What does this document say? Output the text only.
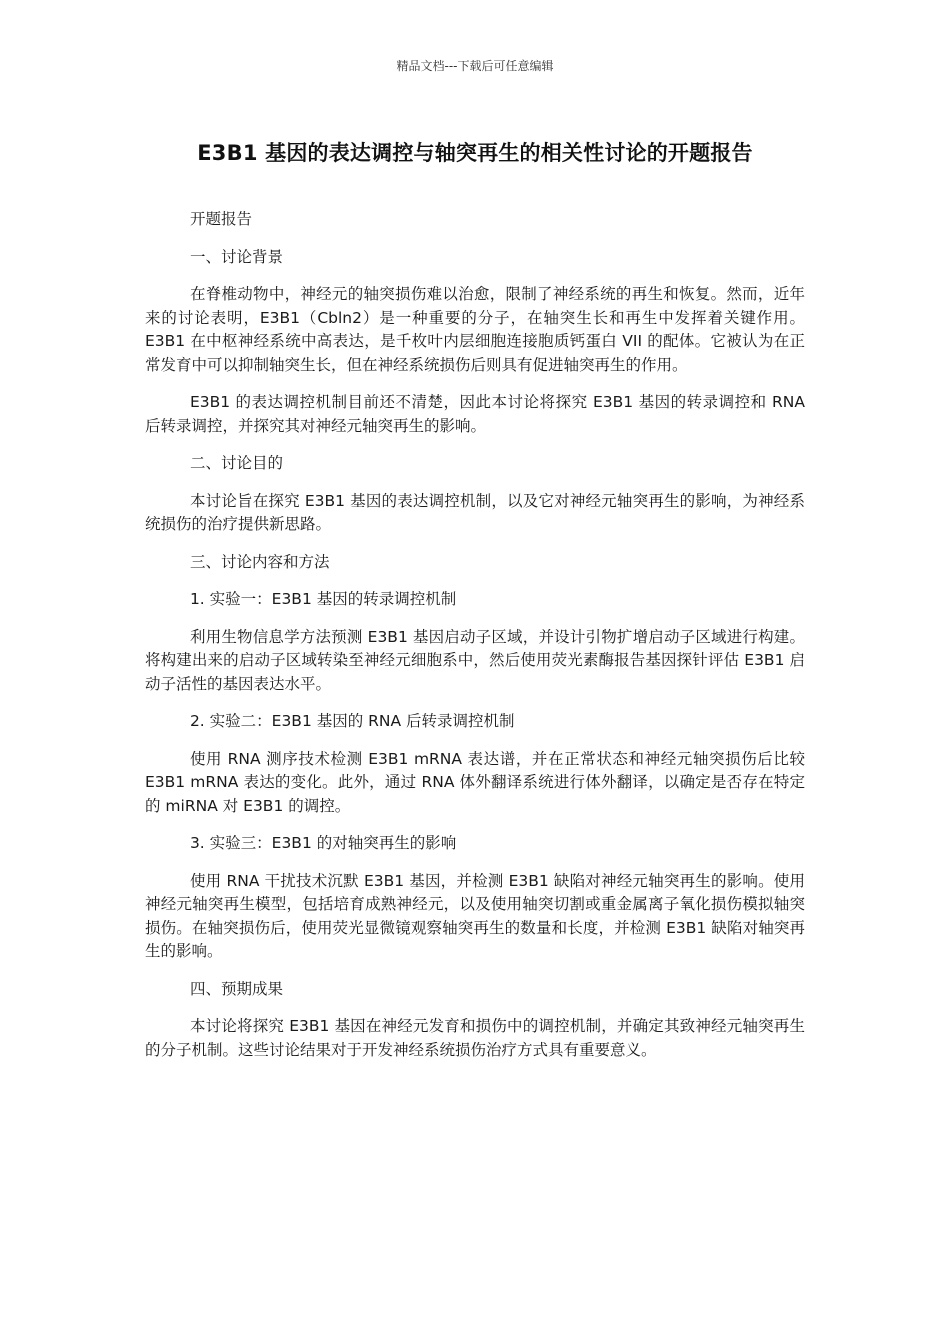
精品文档---下载后可任意编辑
E3B1 基因的表达调控与轴突再生的相关性讨论的开题报告

开题报告

一、讨论背景

在脊椎动物中，神经元的轴突损伤难以治愈，限制了神经系统的再生和恢复。然而，近年来的讨论表明，E3B1（Cbln2）是一种重要的分子，在轴突生长和再生中发挥着关键作用。E3B1 在中枢神经系统中高表达，是千枚叶内层细胞连接胞质钙蛋白 VII 的配体。它被认为在正常发育中可以抑制轴突生长，但在神经系统损伤后则具有促进轴突再生的作用。

E3B1 的表达调控机制目前还不清楚，因此本讨论将探究 E3B1 基因的转录调控和 RNA 后转录调控，并探究其对神经元轴突再生的影响。

二、讨论目的

本讨论旨在探究 E3B1 基因的表达调控机制，以及它对神经元轴突再生的影响，为神经系统损伤的治疗提供新思路。

三、讨论内容和方法

1. 实验一：E3B1 基因的转录调控机制

利用生物信息学方法预测 E3B1 基因启动子区域，并设计引物扩增启动子区域进行构建。将构建出来的启动子区域转染至神经元细胞系中，然后使用荧光素酶报告基因探针评估 E3B1 启动子活性的基因表达水平。

2. 实验二：E3B1 基因的 RNA 后转录调控机制

使用 RNA 测序技术检测 E3B1 mRNA 表达谱，并在正常状态和神经元轴突损伤后比较 E3B1 mRNA 表达的变化。此外，通过 RNA 体外翻译系统进行体外翻译，以确定是否存在特定的 miRNA 对 E3B1 的调控。

3. 实验三：E3B1 的对轴突再生的影响

使用 RNA 干扰技术沉默 E3B1 基因，并检测 E3B1 缺陷对神经元轴突再生的影响。使用神经元轴突再生模型，包括培育成熟神经元，以及使用轴突切割或重金属离子氧化损伤模拟轴突损伤。在轴突损伤后，使用荧光显微镜观察轴突再生的数量和长度，并检测 E3B1 缺陷对轴突再生的影响。

四、预期成果

本讨论将探究 E3B1 基因在神经元发育和损伤中的调控机制，并确定其致神经元轴突再生的分子机制。这些讨论结果对于开发神经系统损伤治疗方式具有重要意义。
